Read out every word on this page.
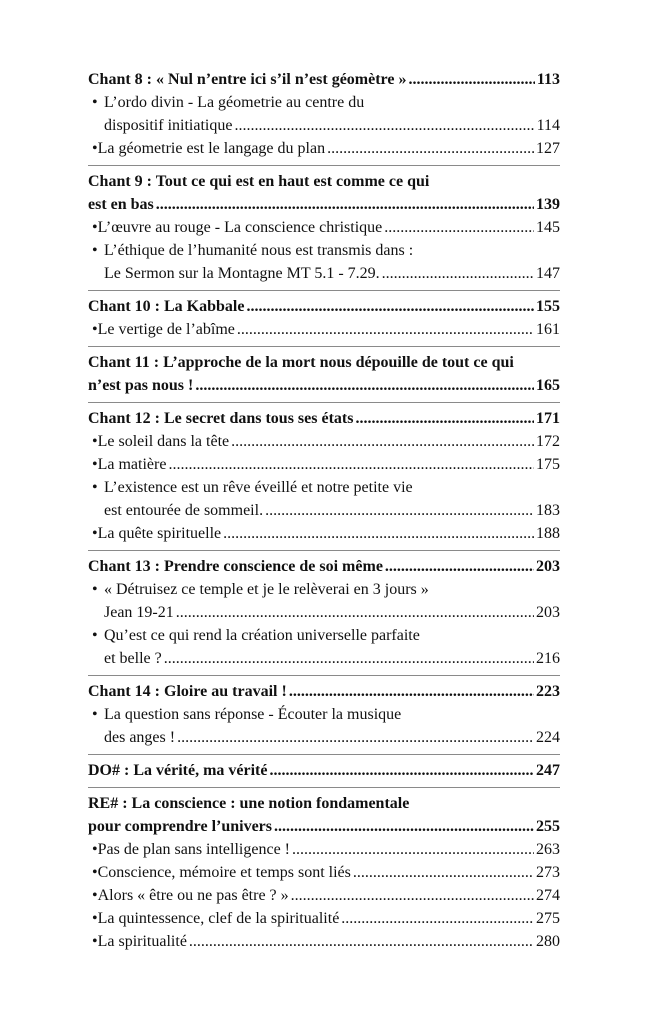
Chant 8 : « Nul n’entre ici s’il n’est géomètre » .....	113
• L’ordo divin - La géometrie au centre du
dispositif initiatique .....	114
• La géometrie est le langage du plan .....	127
Chant 9 : Tout ce qui est en haut est comme ce qui
est en bas .....	139
• L’œuvre au rouge - La conscience christique .....	145
• L’éthique de l’humanité nous est transmis dans :
Le Sermon sur la Montagne MT 5.1 - 7.29. .....	147
Chant 10 : La Kabbale .....	155
• Le vertige de l’abîme .....	161
Chant 11 : L’approche de la mort nous dépouille de tout ce qui
n’est pas nous ! .....	165
Chant 12 : Le secret dans tous ses états .....	171
• Le soleil dans la tête .....	172
• La matière .....	175
• L’existence est un rêve éveillé et notre petite vie
est entourée de sommeil. .....	183
• La quête spirituelle .....	188
Chant 13 : Prendre conscience de soi même .....	203
• « Détruisez ce temple et je le relèverai en 3 jours »
Jean 19-21 .....	203
• Qu’est ce qui rend la création universelle parfaite
et belle ? .....	216
Chant 14 : Gloire au travail ! .....	223
• La question sans réponse - Écouter la musique
des anges ! .....	224
DO# : La vérité, ma vérité .....	247
RE# : La conscience : une notion fondamentale
pour comprendre l’univers .....	255
• Pas de plan sans intelligence ! .....	263
• Conscience, mémoire et temps sont liés .....	273
• Alors « être ou ne pas être ? » .....	274
• La quintessence, clef de la spiritualité .....	275
• La spiritualité .....	280
